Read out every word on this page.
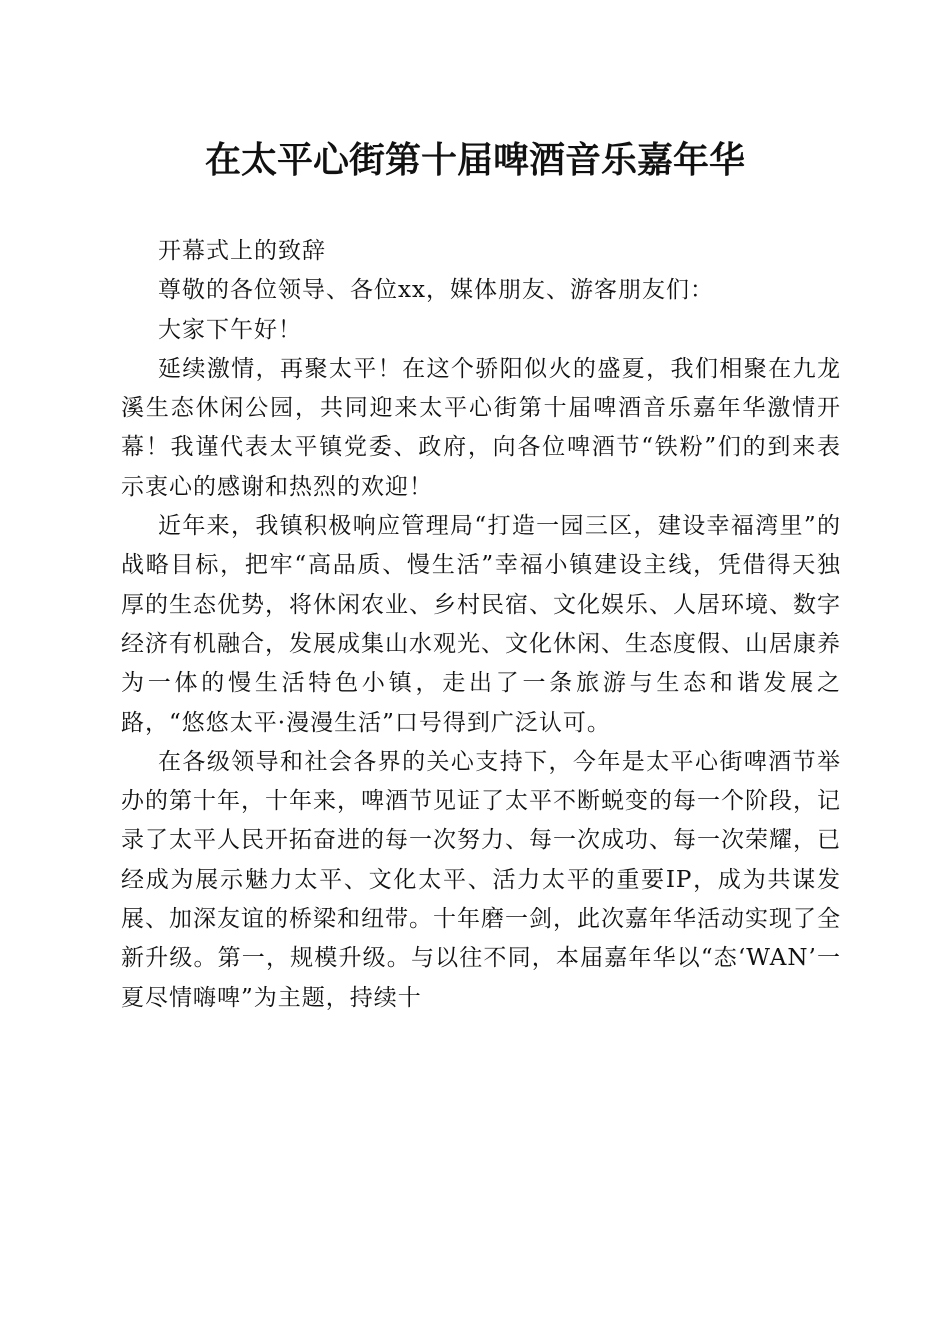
在太平心街第十届啤酒音乐嘉年华

开幕式上的致辞

尊敬的各位领导、各位xx，媒体朋友、游客朋友们：

大家下午好！

延续激情，再聚太平！在这个骄阳似火的盛夏，我们相聚在九龙溪生态休闲公园，共同迎来太平心街第十届啤酒音乐嘉年华激情开幕！我谨代表太平镇党委、政府，向各位啤酒节“铁粉”们的到来表示衷心的感谢和热烈的欢迎！

近年来，我镇积极响应管理局“打造一园三区，建设幸福湾里”的战略目标，把牢“高品质、慢生活”幸福小镇建设主线，凭借得天独厚的生态优势，将休闲农业、乡村民宿、文化娱乐、人居环境、数字经济有机融合，发展成集山水观光、文化休闲、生态度假、山居康养为一体的慢生活特色小镇，走出了一条旅游与生态和谐发展之路，“悠悠太平·漫漫生活”口号得到广泛认可。

在各级领导和社会各界的关心支持下，今年是太平心街啤酒节举办的第十年，十年来，啤酒节见证了太平不断蜕变的每一个阶段，记录了太平人民开拓奋进的每一次努力、每一次成功、每一次荣耀，已经成为展示魅力太平、文化太平、活力太平的重要IP，成为共谋发展、加深友谊的桥梁和纽带。十年磨一剑，此次嘉年华活动实现了全新升级。第一，规模升级。与以往不同，本届嘉年华以“态‘WAN’一夏尽情嗨啤”为主题，持续十
